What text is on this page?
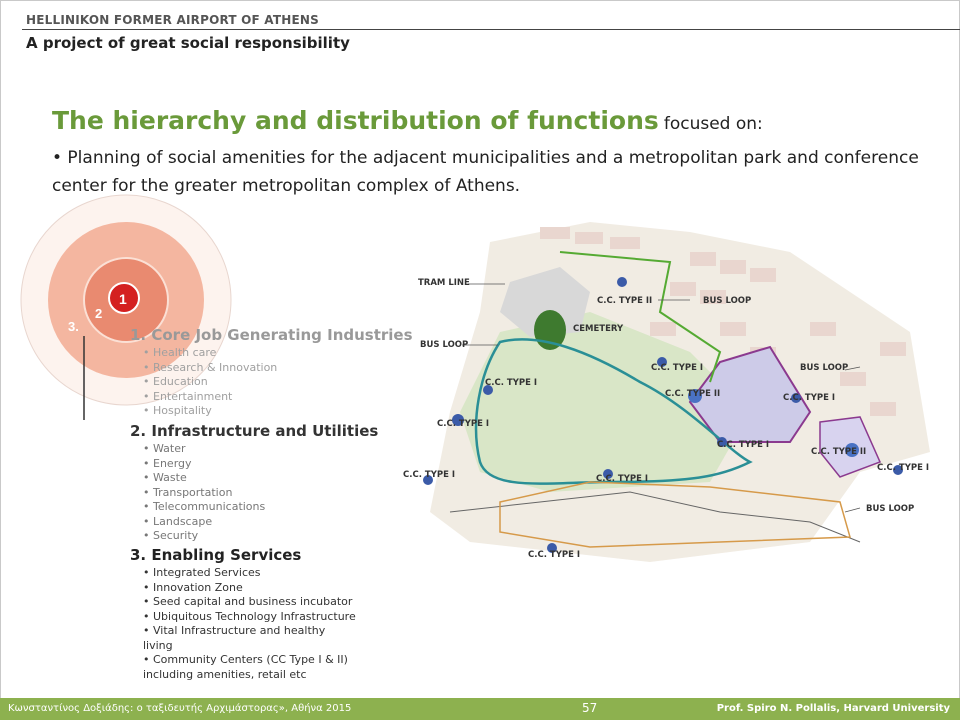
HELLINIKON FORMER AIRPORT OF ATHENS
A project of great social responsibility
The hierarchy and distribution of functions focused on:
• Planning of social amenities for the adjacent municipalities and a metropolitan park and conference center for the greater metropolitan complex of Athens.
1
2
3.	1. Core Job Generating Industries
• Health care
• Research & Innovation
• Education
• Entertainment
• Hospitality
2. Infrastructure and Utilities
• Water
• Energy
• Waste
• Transportation
• Telecommunications
• Landscape
• Security
3. Enabling Services
• Integrated Services
• Innovation Zone
• Seed capital and business incubator
• Ubiquitous Technology Infrastructure
• Vital Infrastructure and healthy living
• Community Centers (CC Type I & II) including amenities, retail etc
TRAM LINE
BUS LOOP
BUS LOOP
BUS LOOP
BUS LOOP
CEMETERY
C.C. TYPE II
C.C. TYPE II
C.C. TYPE II
C.C. TYPE I
C.C. TYPE I
C.C. TYPE I
C.C. TYPE I
C.C. TYPE I
C.C. TYPE I
C.C. TYPE I
C.C. TYPE I
C.C. TYPE I
Κωνσταντίνος Δοξιάδης: ο ταξιδευτής Αρχιμάστορας», Αθήνα 2015	57	Prof. Spiro N. Pollalis, Harvard University
